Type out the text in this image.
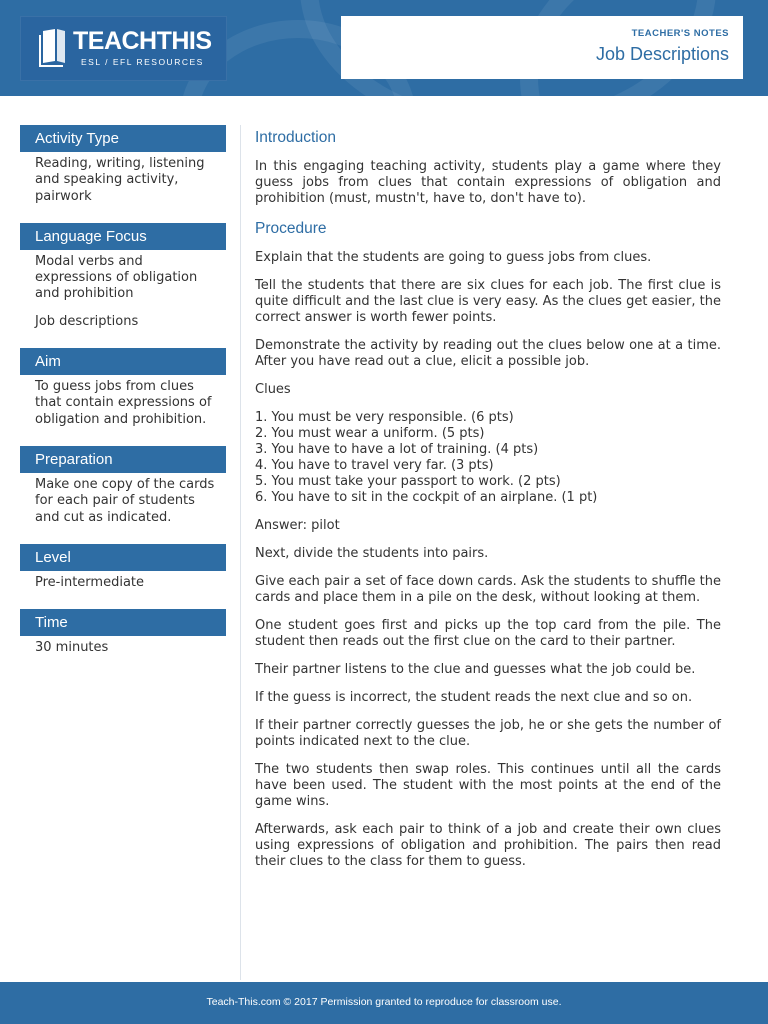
TEACHTHIS
ESL / EFL RESOURCES
TEACHER'S NOTES
Job Descriptions
Activity Type

Reading, writing, listening and speaking activity, pairwork

Language Focus

Modal verbs and expressions of obligation and prohibition

Job descriptions

Aim

To guess jobs from clues that contain expressions of obligation and prohibition.

Preparation

Make one copy of the cards for each pair of students and cut as indicated.

Level

Pre-intermediate

Time

30 minutes

Introduction

In this engaging teaching activity, students play a game where they guess jobs from clues that contain expressions of obligation and prohibition (must, mustn't, have to, don't have to).

Procedure

Explain that the students are going to guess jobs from clues.

Tell the students that there are six clues for each job. The first clue is quite difficult and the last clue is very easy. As the clues get easier, the correct answer is worth fewer points.

Demonstrate the activity by reading out the clues below one at a time. After you have read out a clue, elicit a possible job.

Clues

1. You must be very responsible. (6 pts)

2. You must wear a uniform. (5 pts)

3. You have to have a lot of training. (4 pts)

4. You have to travel very far. (3 pts)

5. You must take your passport to work. (2 pts)

6. You have to sit in the cockpit of an airplane. (1 pt)

Answer: pilot

Next, divide the students into pairs.

Give each pair a set of face down cards. Ask the students to shuffle the cards and place them in a pile on the desk, without looking at them.

One student goes first and picks up the top card from the pile. The student then reads out the first clue on the card to their partner.

Their partner listens to the clue and guesses what the job could be.

If the guess is incorrect, the student reads the next clue and so on.

If their partner correctly guesses the job, he or she gets the number of points indicated next to the clue.

The two students then swap roles. This continues until all the cards have been used. The student with the most points at the end of the game wins.

Afterwards, ask each pair to think of a job and create their own clues using expressions of obligation and prohibition. The pairs then read their clues to the class for them to guess.

Teach-This.com © 2017 Permission granted to reproduce for classroom use.
